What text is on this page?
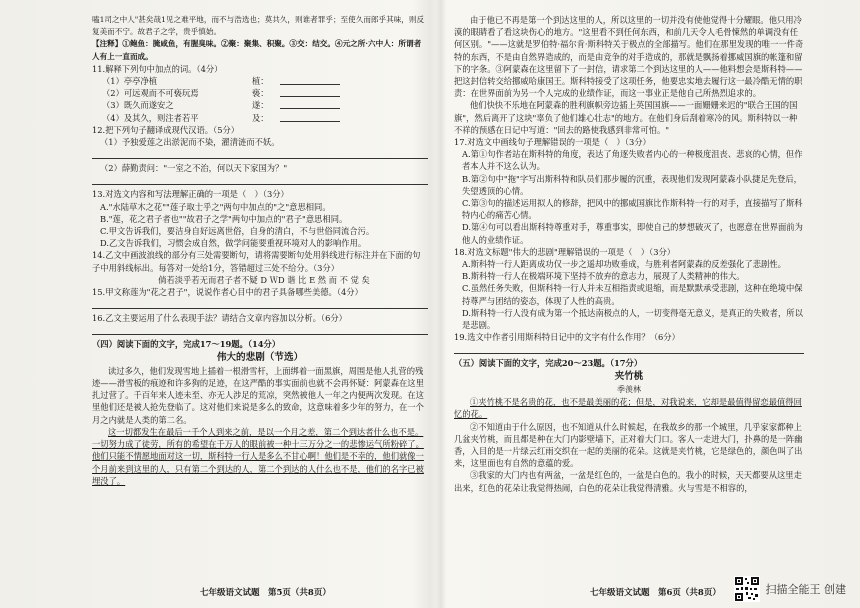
嗑1司之中人"甚矣哉1见之难平地，而不与浩选也；莫共久，则谁者罪乎；至使久而郎乎其味，则反复美而不宁。故君子之学，贵乎慎始。

【注释】①鲍鱼：腌咸鱼，有腥臭味。②聚：聚集、积聚。③交：结交。④元之所·六中人：所谓者人有上一直而成。

11.解释下列句中加点的词。（4分）

（1）亭亭净植	植：
（2）可远观而不可亵玩焉	亵：
（3）既久而遂安之	遂：
（4）及其久，则注者若平	及：

12.把下列句子翻译成现代汉语。（5分）

（1）予独爱莲之出淤泥而不染，濯清涟而不妖。

（2）薛勤责问："一室之不治，何以天下家国为？"

13.对选文内容和写法理解正确的一项是（　）（3分）

A."水陆草木之花""莲子取士乎之"两句中加点的"之"意思相同。

B."莲，花之君子者也""故君子之学"两句中加点的"君子"意思相同。

C.甲文告诉我们，要洁身自好远离世俗，自身的清白，不与世俗同流合污。

D.乙文告诉我们，习惯会成自然，做学问能要重视环境对人的影响作用。

14.乙文中画波浪线的部分有三处需要断句，请将需要断句处用斜线进行标注并在下面的句子中用斜线标出。每答对一处给1分，答错超过三处不给分。（3分）

倘若淡乎若无而君子者不疑 D ＷD 谐 比 E 然 而 不 觉 矣

15.甲文称莲为"花之君子"，说说作者心目中的君子具备哪些美德。（4分）

16.乙文主要运用了什么表现手法？请结合文章内容加以分析。（6分）

（四）阅读下面的文字，完成17～19题。（14分）

伟大的悲剧（节选）

读过多久，他们发现雪地上插着一根滑雪杆，上面绑着一面黑旗，周围是他人扎营的残迹——滑雪板的痕迹和许多狗的足迹，在这严酷的事实面前也就不会再怀疑：阿蒙森在这里扎过营了。千百年来人迹未至、亦无人涉足的荒凉，突然被他人一年之内便两次发现。在这里他们还是被人抢先登临了。这对他们来说是多么的致命，这意味着多少年的努力，在一个月之内就是人类的第二名。

这一切都发生在最后一千个人到来之前，是以一个月之差，第二个到达者什么也不是。一切努力成了徒劳，所有的希望在千万人的眼前被一种十三万分之一的悲惨运气所粉碎了。他们只能不情愿地面对这一切，斯科特一行人是多么不甘心啊！他们是不幸的，他们就像一个月前来到这里的人，只有第二个到达的人，第二个到达的人什么也不是，他们的名字已被埋没了。

由于他已不再是第一个到达这里的人，所以这里的一切并没有使他觉得十分耀眼。他只用冷漠的眼睛看了看这块伤心的地方。"这里看不到任何东西，和前几天令人毛骨悚然的单调没有任何区别。"——这就是罗伯特·福尔肯·斯科特关于极点的全部描写。他们在那里发现的唯一一件奇特的东西，不是由自然界造成的，而是由竞争的对手造成的，那就是飘扬着挪威国旗的帐篷和留下的字条。③阿蒙森在这里留下了一封信，请求第二个到达这里的人——他料想会是斯科特——把这封信转交给挪威哈康国王。斯科特接受了这项任务，他要忠实地去履行这一最冷酷无情的职责：在世界面前为另一个人完成的业绩作证，而这一事业正是他自己所热烈追求的。

他们快快不乐地在阿蒙森的胜利旗帜旁边插上英国国旗——一面姗姗来迟的"联合王国的国旗"，然后离开了这块"辜负了他们雄心壮志"的地方。在他们身后刮着寒冷的风。斯科特以一种不祥的预感在日记中写道："回去的路使我感到非常可怕。"

17.对选文中画线句子理解错误的一项是（　）（3分）

A.第①句作者站在斯科特的角度，表达了角逐失败者内心的一种极度沮丧、悲哀的心情，但作者本人并不这么认为。

B.第②句中"拖"字写出斯科特和队员们那步履的沉重，表现他们发现阿蒙森小队捷足先登后，失望透顶的心情。

C.第③句的描述运用拟人的修辞，把风中的挪威国旗比作斯科特一行的对手，直接描写了斯科特内心的痛苦心情。

D.第④句可以看出斯科特尊重对手，尊重事实，即使自己的梦想破灭了，也愿意在世界面前为他人的业绩作证。

18.对选文标题"伟大的悲剧"理解错误的一项是（　）（3分）

A.斯科特一行人距离成功仅一步之遥却功败垂成，与胜利者阿蒙森的反差强化了悲剧性。

B.斯科特一行人在极端环境下坚持不放弃的意志力，展现了人类精神的伟大。

C.虽然任务失败，但斯科特一行人并未互相指责或退缩，而是默默承受悲剧，这种在绝境中保持尊严与团结的姿态，体现了人性的高贵。

D.斯科特一行人没有成为第一个抵达南极点的人，一切变得毫无意义，是真正的失败者，所以是悲剧。

19.选文中作者引用斯科特日记中的文字有什么作用？（6分）

（五）阅读下面的文字，完成20～23题。（17分）

夹竹桃

季羡林

①夹竹桃不是名贵的花，也不是最美丽的花；但是，对我说来，它却是最值得留恋最值得回忆的花。

②不知道由于什么原因，也不知道从什么时候起，在我故乡的那一个城里，几乎家家都种上几盆夹竹桃，而且都是种在大门内影壁墙下，正对着大门口。客人一走进大门，扑鼻的是一阵幽香，入目的是一片绿云红雨交织在一起的美丽的花朵。这就是夹竹桃，它是绿色的，颜色叫了出来，这里面也有自然的意蕴的爱。

③我家的大门内也有两盆，一盆是红色的，一盆是白色的。我小的时候，天天都要从这里走出来，红色的花朵让我觉得热闹，白色的花朵让我觉得清雅。火与雪是不相容的，

七年级语文试题　第5页（共8页）	七年级语文试题　第6页（共8页）	扫描全能王 创建
